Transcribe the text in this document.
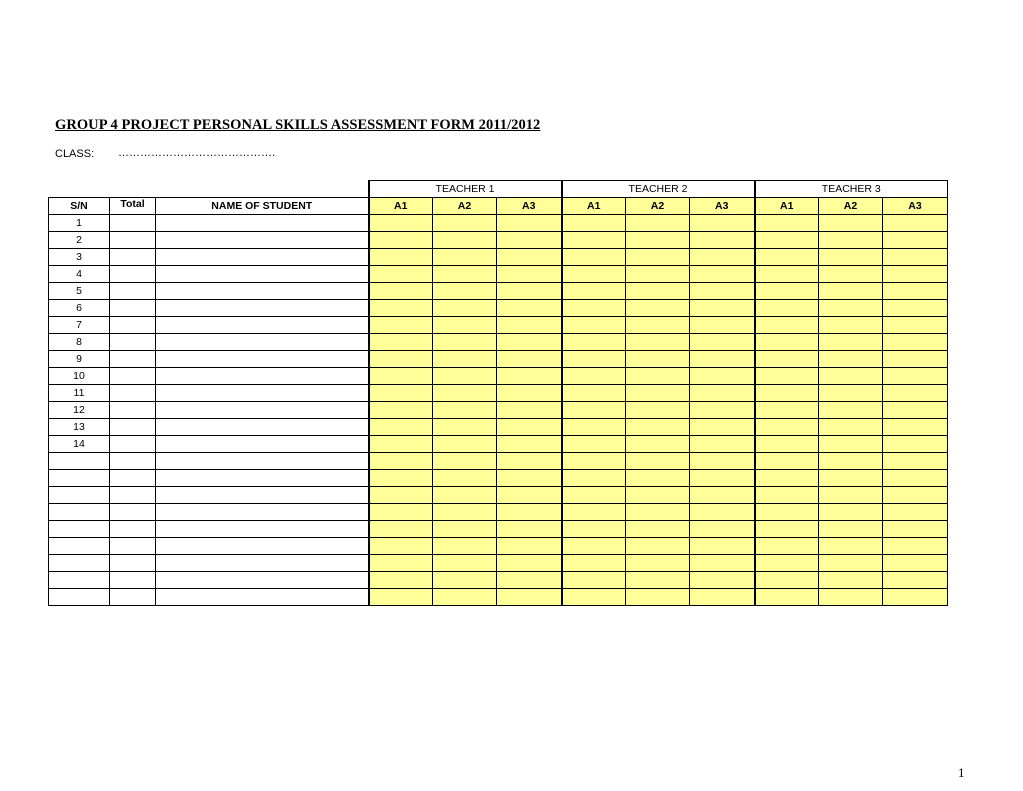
GROUP 4 PROJECT PERSONAL SKILLS ASSESSMENT FORM 2011/2012
CLASS: …………………………………….
			TEACHER 1			TEACHER 2			TEACHER 3		
S/N	Total	NAME OF STUDENT	A1	A2	A3	A1	A2	A3	A1	A2	A3
1											
2											
3											
4											
5											
6											
7											
8											
9											
10											
11											
12											
13											
14											

1
